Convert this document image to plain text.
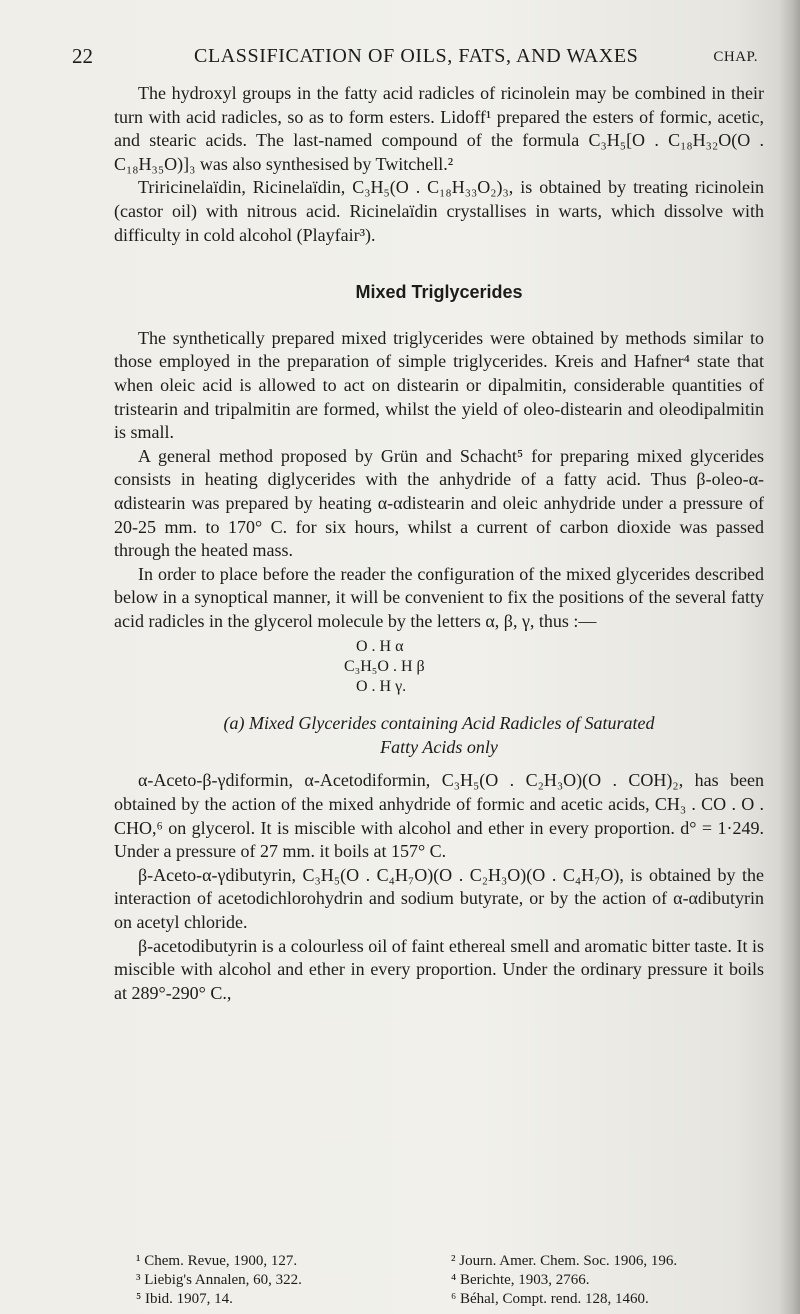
22	CLASSIFICATION OF OILS, FATS, AND WAXES	CHAP.

The hydroxyl groups in the fatty acid radicles of ricinolein may be combined in their turn with acid radicles, so as to form esters. Lidoff¹ prepared the esters of formic, acetic, and stearic acids. The last-named compound of the formula C₃H₅[O . C₁₈H₃₂O(O . C₁₈H₃₅O)]₃ was also synthesised by Twitchell.²

Triricinelaïdin, Ricinelaïdin, C₃H₅(O . C₁₈H₃₃O₂)₃, is obtained by treating ricinolein (castor oil) with nitrous acid. Ricinelaïdin crystallises in warts, which dissolve with difficulty in cold alcohol (Playfair³).

Mixed Triglycerides

The synthetically prepared mixed triglycerides were obtained by methods similar to those employed in the preparation of simple triglycerides. Kreis and Hafner⁴ state that when oleic acid is allowed to act on distearin or dipalmitin, considerable quantities of tristearin and tripalmitin are formed, whilst the yield of oleo-distearin and oleodipalmitin is small.

A general method proposed by Grün and Schacht⁵ for preparing mixed glycerides consists in heating diglycerides with the anhydride of a fatty acid. Thus β-oleo-α-αdistearin was prepared by heating α-αdistearin and oleic anhydride under a pressure of 20-25 mm. to 170° C. for six hours, whilst a current of carbon dioxide was passed through the heated mass.

In order to place before the reader the configuration of the mixed glycerides described below in a synoptical manner, it will be convenient to fix the positions of the several fatty acid radicles in the glycerol molecule by the letters α, β, γ, thus :—

O . H α
C₃H₅O . H β
O . H γ.
(a) Mixed Glycerides containing Acid Radicles of Saturated
Fatty Acids only

α-Aceto-β-γdiformin, α-Acetodiformin, C₃H₅(O . C₂H₃O)(O . COH)₂, has been obtained by the action of the mixed anhydride of formic and acetic acids, CH₃ . CO . O . CHO,⁶ on glycerol. It is miscible with alcohol and ether in every proportion. d° = 1·249. Under a pressure of 27 mm. it boils at 157° C.

β-Aceto-α-γdibutyrin, C₃H₅(O . C₄H₇O)(O . C₂H₃O)(O . C₄H₇O), is obtained by the interaction of acetodichlorohydrin and sodium butyrate, or by the action of α-αdibutyrin on acetyl chloride.

β-acetodibutyrin is a colourless oil of faint ethereal smell and aromatic bitter taste. It is miscible with alcohol and ether in every proportion. Under the ordinary pressure it boils at 289°-290° C.,

¹ Chem. Revue, 1900, 127.	² Journ. Amer. Chem. Soc. 1906, 196.
³ Liebig's Annalen, 60, 322.	⁴ Berichte, 1903, 2766.
⁵ Ibid. 1907, 14.	⁶ Béhal, Compt. rend. 128, 1460.
